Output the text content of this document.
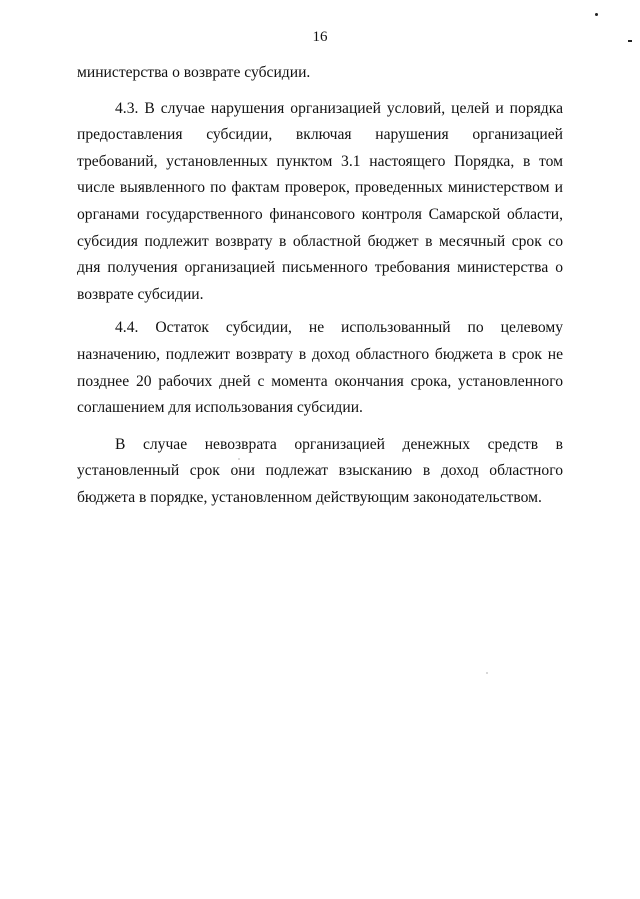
16

министерства о возврате субсидии.

4.3. В случае нарушения организацией условий, целей и порядка предоставления субсидии, включая нарушения организацией требований, установленных пунктом 3.1 настоящего Порядка, в том числе выявленного по фактам проверок, проведенных министерством и органами государственного финансового контроля Самарской области, субсидия подлежит возврату в областной бюджет в месячный срок со дня получения организацией письменного требования министерства о возврате субсидии.

4.4. Остаток субсидии, не использованный по целевому назначению, подлежит возврату в доход областного бюджета в срок не позднее 20 рабочих дней с момента окончания срока, установленного соглашением для использования субсидии.

В случае невозврата организацией денежных средств в установленный срок они подлежат взысканию в доход областного бюджета в порядке, установленном действующим законодательством.
